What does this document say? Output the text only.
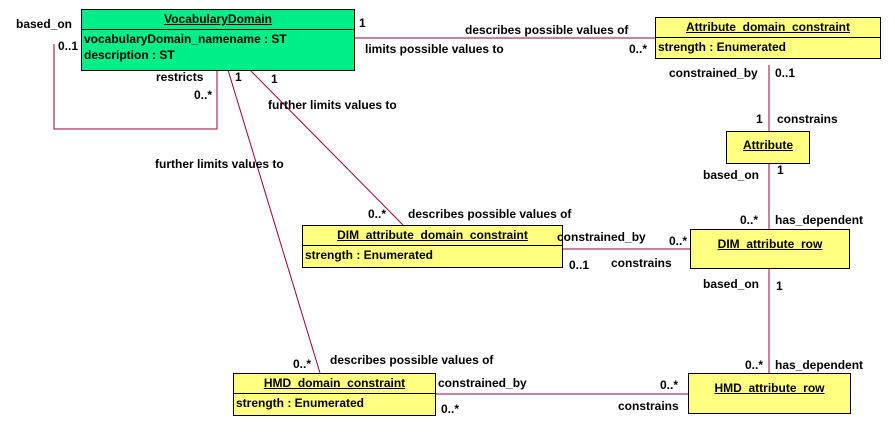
VocabularyDomain
vocabularyDomain_namename : ST
description : ST
Attribute_domain_constraint
strength : Enumerated
Attribute
DIM_attribute_domain_constraint
strength : Enumerated
DIM_attribute_row
HMD_domain_constraint
strength : Enumerated
HMD_attribute_row
based_on
0..1
restricts
0..*
1	describes possible values of
limits possible values to	0..*
constrained_by 0..1
1 constrains
1 1
further limits values to
further limits values to
based_on 1
0..* describes possible values of	0..* has_dependent
constrained_by 0..*
0..1 constrains
based_on 1
0..* describes possible values of	0..* has_dependent
constrained_by	0..*
0..*	constrains
